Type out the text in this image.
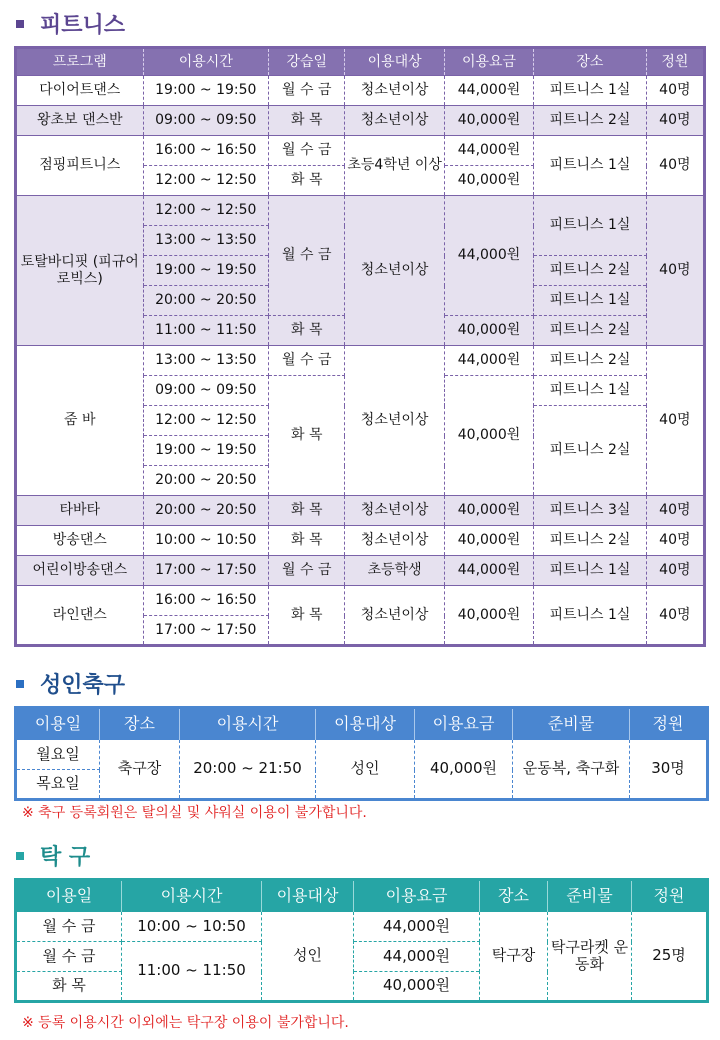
피트니스
프로그램	이용시간	강습일	이용대상	이용요금	장소	정원
다이어트댄스	19:00 ~ 19:50	월 수 금	청소년이상	44,000원	피트니스 1실	40명
왕초보 댄스반	09:00 ~ 09:50	화 목	청소년이상	40,000원	피트니스 2실	40명
점핑피트니스	16:00 ~ 16:50	월 수 금	초등4학년 이상	44,000원	피트니스 1실	40명
	12:00 ~ 12:50	화 목		40,000원		
토탈바디핏 (피규어로빅스)	12:00 ~ 12:50	월 수 금	청소년이상	44,000원	피트니스 1실	40명
	13:00 ~ 13:50					
	19:00 ~ 19:50				피트니스 2실	
	20:00 ~ 20:50				피트니스 1실	
	11:00 ~ 11:50	화 목		40,000원	피트니스 2실	
줌 바	13:00 ~ 13:50	월 수 금	청소년이상	44,000원	피트니스 2실	40명
	09:00 ~ 09:50	화 목		40,000원	피트니스 1실	
	12:00 ~ 12:50				피트니스 2실	
	19:00 ~ 19:50					
	20:00 ~ 20:50					
타바타	20:00 ~ 20:50	화 목	청소년이상	40,000원	피트니스 3실	40명
방송댄스	10:00 ~ 10:50	화 목	청소년이상	40,000원	피트니스 2실	40명
어린이방송댄스	17:00 ~ 17:50	월 수 금	초등학생	44,000원	피트니스 1실	40명
라인댄스	16:00 ~ 16:50	화 목	청소년이상	40,000원	피트니스 1실	40명
	17:00 ~ 17:50					
성인축구
이용일	장소	이용시간	이용대상	이용요금	준비물	정원
월요일	축구장	20:00 ~ 21:50	성인	40,000원	운동복, 축구화	30명
목요일						
※ 축구 등록회원은 탈의실 및 샤워실 이용이 불가합니다.
탁 구
이용일	이용시간	이용대상	이용요금	장소	준비물	정원
월 수 금	10:00 ~ 10:50	성인	44,000원	탁구장	탁구라켓 운동화	25명
월 수 금	11:00 ~ 11:50		44,000원			
화 목			40,000원			
※ 등록 이용시간 이외에는 탁구장 이용이 불가합니다.
